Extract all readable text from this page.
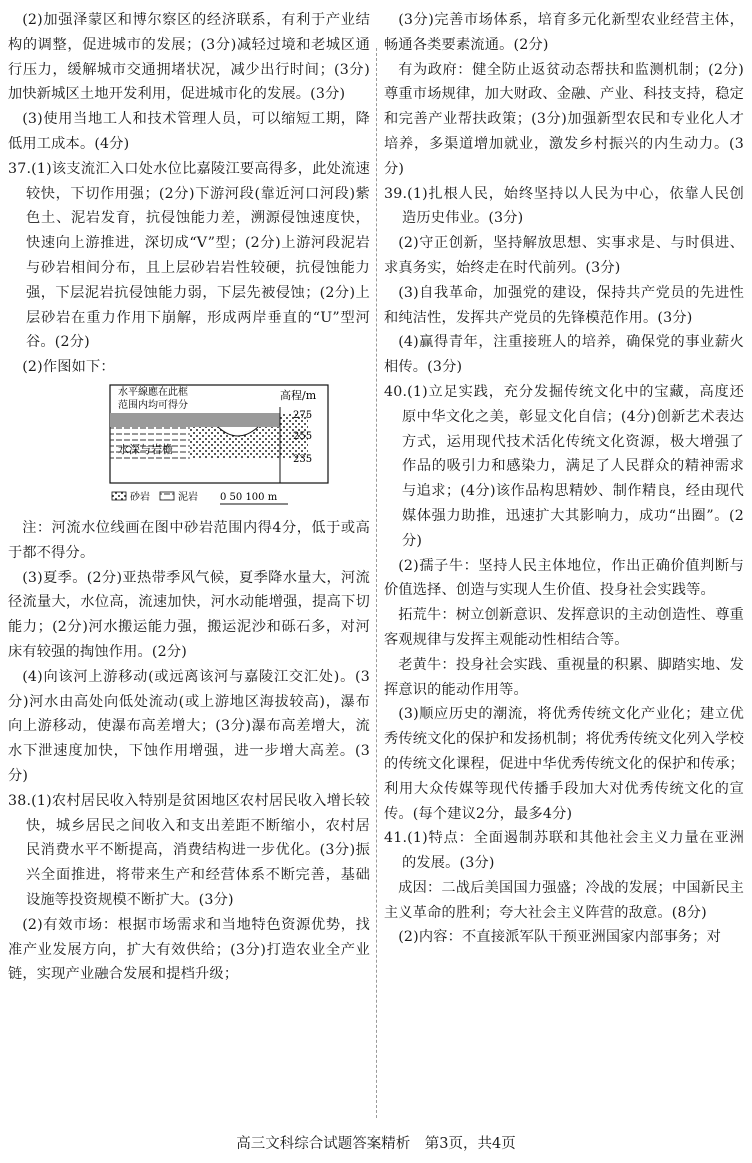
(2)加强泽蒙区和博尔察区的经济联系，有利于产业结构的调整，促进城市的发展；(3分)减轻过境和老城区通行压力，缓解城市交通拥堵状况，减少出行时间；(3分)加快新城区土地开发利用，促进城市化的发展。(3分)

(3)使用当地工人和技术管理人员，可以缩短工期，降低用工成本。(4分)

37.(1)该支流汇入口处水位比嘉陵江要高得多，此处流速较快，下切作用强；(2分)下游河段(靠近河口河段)紫色土、泥岩发育，抗侵蚀能力差，溯源侵蚀速度快，快速向上游推进，深切成“V”型；(2分)上游河段泥岩与砂岩相间分布，且上层砂岩岩性较硬，抗侵蚀能力强，下层泥岩抗侵蚀能力弱，下层先被侵蚀；(2分)上层砂岩在重力作用下崩解，形成两岸垂直的“U”型河谷。(2分)

(2)作图如下：

水平線應在此框
范围内均可得分
高程/m
275
255
235
水深与岩檐
砂岩	泥岩 0 50 100 m

注：河流水位线画在图中砂岩范围内得4分，低于或高于都不得分。

(3)夏季。(2分)亚热带季风气候，夏季降水量大，河流径流量大，水位高，流速加快，河水动能增强，提高下切能力；(2分)河水搬运能力强，搬运泥沙和砾石多，对河床有较强的掏蚀作用。(2分)

(4)向该河上游移动(或远离该河与嘉陵江交汇处)。(3分)河水由高处向低处流动(或上游地区海拔较高)，瀑布向上游移动，使瀑布高差增大；(3分)瀑布高差增大，流水下泄速度加快，下蚀作用增强，进一步增大高差。(3分)

38.(1)农村居民收入特别是贫困地区农村居民收入增长较快，城乡居民之间收入和支出差距不断缩小，农村居民消费水平不断提高，消费结构进一步优化。(3分)振兴全面推进，将带来生产和经营体系不断完善，基础设施等投资规模不断扩大。(3分)

(2)有效市场：根据市场需求和当地特色资源优势，找准产业发展方向，扩大有效供给；(3分)打造农业全产业链，实现产业融合发展和提档升级；

(3分)完善市场体系，培育多元化新型农业经营主体，畅通各类要素流通。(2分)

有为政府：健全防止返贫动态帮扶和监测机制；(2分)尊重市场规律，加大财政、金融、产业、科技支持，稳定和完善产业帮扶政策；(3分)加强新型农民和专业化人才培养，多渠道增加就业，激发乡村振兴的内生动力。(3分)

39.(1)扎根人民，始终坚持以人民为中心，依靠人民创造历史伟业。(3分)

(2)守正创新，坚持解放思想、实事求是、与时俱进、求真务实，始终走在时代前列。(3分)

(3)自我革命，加强党的建设，保持共产党员的先进性和纯洁性，发挥共产党员的先锋模范作用。(3分)

(4)赢得青年，注重接班人的培养，确保党的事业薪火相传。(3分)

40.(1)立足实践，充分发掘传统文化中的宝藏，高度还原中华文化之美，彰显文化自信；(4分)创新艺术表达方式，运用现代技术活化传统文化资源，极大增强了作品的吸引力和感染力，满足了人民群众的精神需求与追求；(4分)该作品构思精妙、制作精良，经由现代媒体强力助推，迅速扩大其影响力，成功“出圈”。(2分)

(2)孺子牛：坚持人民主体地位，作出正确价值判断与价值选择、创造与实现人生价值、投身社会实践等。

拓荒牛：树立创新意识、发挥意识的主动创造性、尊重客观规律与发挥主观能动性相结合等。

老黄牛：投身社会实践、重视量的积累、脚踏实地、发挥意识的能动作用等。

(3)顺应历史的潮流，将优秀传统文化产业化；建立优秀传统文化的保护和发扬机制；将优秀传统文化列入学校的传统文化课程，促进中华优秀传统文化的保护和传承；利用大众传媒等现代传播手段加大对优秀传统文化的宣传。(每个建议2分，最多4分)

41.(1)特点：全面遏制苏联和其他社会主义力量在亚洲的发展。(3分)

成因：二战后美国国力强盛；冷战的发展；中国新民主主义革命的胜利；夸大社会主义阵营的敌意。(8分)

(2)内容：不直接派军队干预亚洲国家内部事务；对

高三文科综合试题答案精析　第3页，共4页
